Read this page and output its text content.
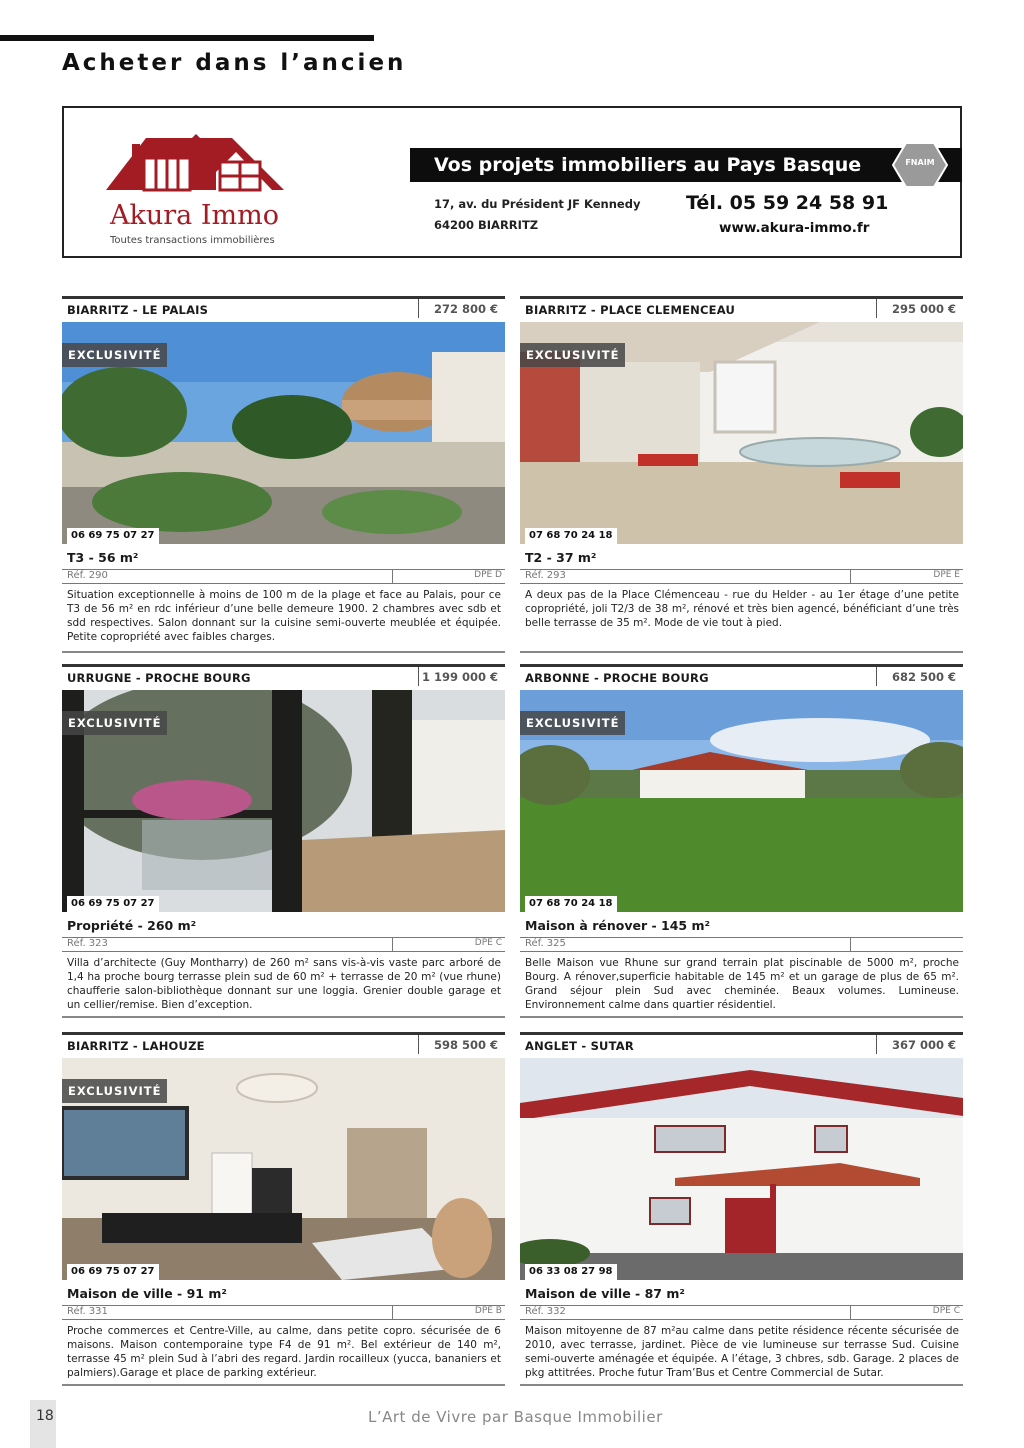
Acheter dans l’ancien
Akura Immo
Toutes transactions immobilières

Vos projets immobiliers au Pays Basque	FNAIM
17, av. du Président JF Kennedy
64200 BIARRITZ
Tél. 05 59 24 58 91
www.akura-immo.fr
BIARRITZ - LE PALAIS	272 800 €
EXCLUSIVITÉ
06 69 75 07 27
T3 - 56 m²
Réf. 290	DPE D

Situation exceptionnelle à moins de 100 m de la plage et face au Palais, pour ce T3 de 56 m² en rdc inférieur d’une belle demeure 1900. 2 chambres avec sdb et sdd respectives. Salon donnant sur la cuisine semi-ouverte meublée et équipée. Petite copropriété avec faibles charges.

BIARRITZ - PLACE CLEMENCEAU	295 000 €
EXCLUSIVITÉ
07 68 70 24 18
T2 - 37 m²
Réf. 293	DPE E

A deux pas de la Place Clémenceau - rue du Helder - au 1er étage d’une petite copropriété, joli T2/3 de 38 m², rénové et très bien agencé, bénéficiant d’une très belle terrasse de 35 m². Mode de vie tout à pied.

URRUGNE - PROCHE BOURG	1 199 000 €
EXCLUSIVITÉ
06 69 75 07 27
Propriété - 260 m²
Réf. 323	DPE C

Villa d’architecte (Guy Montharry) de 260 m² sans vis-à-vis vaste parc arboré de 1,4 ha proche bourg terrasse plein sud de 60 m² + terrasse de 20 m² (vue rhune) chaufferie salon-bibliothèque donnant sur une loggia. Grenier double garage et un cellier/remise. Bien d’exception.

ARBONNE - PROCHE BOURG	682 500 €
EXCLUSIVITÉ
07 68 70 24 18
Maison à rénover - 145 m²
Réf. 325

Belle Maison vue Rhune sur grand terrain plat piscinable de 5000 m², proche Bourg. A rénover,superficie habitable de 145 m² et un garage de plus de 65 m². Grand séjour plein Sud avec cheminée. Beaux volumes. Lumineuse. Environnement calme dans quartier résidentiel.

BIARRITZ - LAHOUZE	598 500 €
EXCLUSIVITÉ
06 69 75 07 27
Maison de ville - 91 m²
Réf. 331	DPE B

Proche commerces et Centre-Ville, au calme, dans petite copro. sécurisée de 6 maisons. Maison contemporaine type F4 de 91 m². Bel extérieur de 140 m², terrasse 45 m² plein Sud à l’abri des regard. Jardin rocailleux (yucca, bananiers et palmiers).Garage et place de parking extérieur.

ANGLET - SUTAR	367 000 €
06 33 08 27 98
Maison de ville - 87 m²
Réf. 332	DPE C

Maison mitoyenne de 87 m²au calme dans petite résidence récente sécurisée de 2010, avec terrasse, jardinet. Pièce de vie lumineuse sur terrasse Sud. Cuisine semi-ouverte aménagée et équipée. A l’étage, 3 chbres, sdb. Garage. 2 places de pkg attitrées. Proche futur Tram’Bus et Centre Commercial de Sutar.

18	L’Art de Vivre par Basque Immobilier
